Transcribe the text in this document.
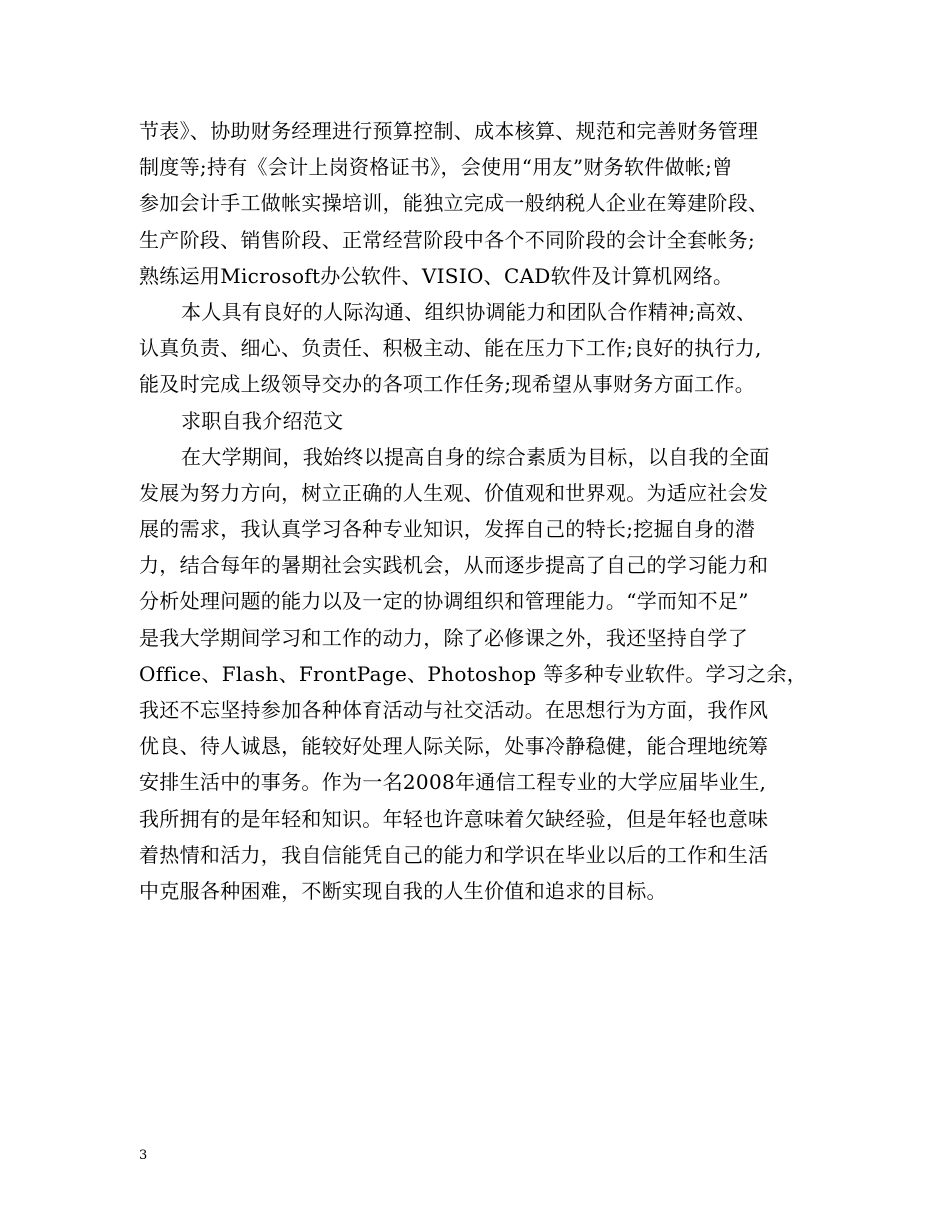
节表》、协助财务经理进行预算控制、成本核算、规范和完善财务管理
制度等;持有《会计上岗资格证书》，会使用“用友”财务软件做帐;曾
参加会计手工做帐实操培训，能独立完成一般纳税人企业在筹建阶段、
生产阶段、销售阶段、正常经营阶段中各个不同阶段的会计全套帐务;
熟练运用Microsoft办公软件、VISIO、CAD软件及计算机网络。
本人具有良好的人际沟通、组织协调能力和团队合作精神;高效、
认真负责、细心、负责任、积极主动、能在压力下工作;良好的执行力,
能及时完成上级领导交办的各项工作任务;现希望从事财务方面工作。
求职自我介绍范文
在大学期间，我始终以提高自身的综合素质为目标，以自我的全面
发展为努力方向，树立正确的人生观、价值观和世界观。为适应社会发
展的需求，我认真学习各种专业知识，发挥自己的特长;挖掘自身的潜
力，结合每年的暑期社会实践机会，从而逐步提高了自己的学习能力和
分析处理问题的能力以及一定的协调组织和管理能力。“学而知不足”
是我大学期间学习和工作的动力，除了必修课之外，我还坚持自学了
Office、Flash、FrontPage、Photoshop 等多种专业软件。学习之余，
我还不忘坚持参加各种体育活动与社交活动。在思想行为方面，我作风
优良、待人诚恳，能较好处理人际关际，处事冷静稳健，能合理地统筹
安排生活中的事务。作为一名2008年通信工程专业的大学应届毕业生,
我所拥有的是年轻和知识。年轻也许意味着欠缺经验，但是年轻也意味
着热情和活力，我自信能凭自己的能力和学识在毕业以后的工作和生活
中克服各种困难，不断实现自我的人生价值和追求的目标。
3
